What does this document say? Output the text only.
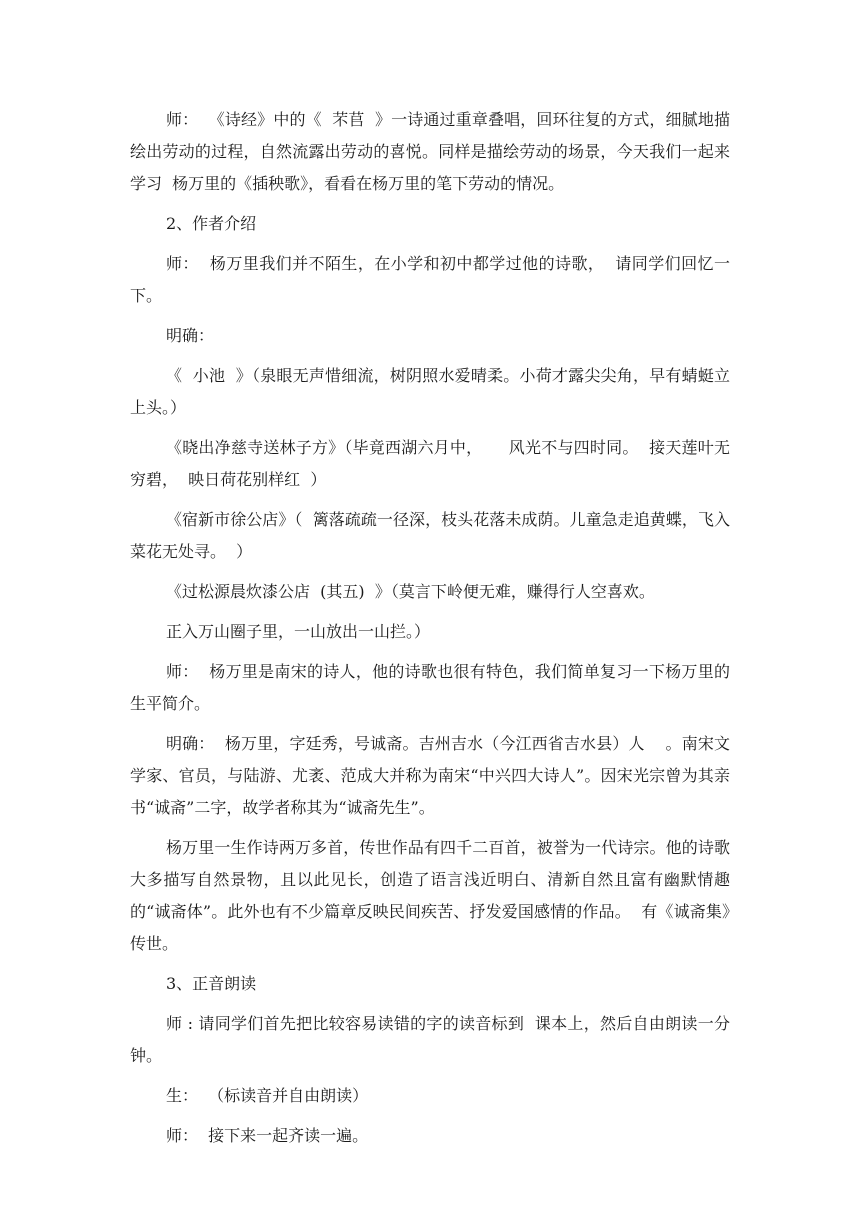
师：  《诗经》中的《  芣苢  》一诗通过重章叠唱，回环往复的方式，细腻地描绘出劳动的过程，自然流露出劳动的喜悦。同样是描绘劳动的场景，今天我们一起来学习  杨万里的《插秧歌》，看看在杨万里的笔下劳动的情况。

2、作者介绍

师：  杨万里我们并不陌生，在小学和初中都学过他的诗歌，  请同学们回忆一下。

明确：

《  小池  》（泉眼无声惜细流，树阴照水爱晴柔。小荷才露尖尖角，早有蜻蜓立上头。）

《晓出净慈寺送林子方》（毕竟西湖六月中，     风光不与四时同。  接天莲叶无穷碧，  映日荷花别样红  ）

《宿新市徐公店》（  篱落疏疏一径深，枝头花落未成荫。儿童急走追黄蝶，飞入菜花无处寻。  ）

《过松源晨炊漆公店  (其五)  》（莫言下岭便无难，赚得行人空喜欢。

正入万山圈子里，一山放出一山拦。）

师：  杨万里是南宋的诗人，他的诗歌也很有特色，我们简单复习一下杨万里的生平简介。

明确：  杨万里，字廷秀，号诚斋。吉州吉水（今江西省吉水县）人    。南宋文学家、官员，与陆游、尤袤、范成大并称为南宋“中兴四大诗人”。因宋光宗曾为其亲书“诚斋”二字，故学者称其为“诚斋先生”。

杨万里一生作诗两万多首，传世作品有四千二百首，被誉为一代诗宗。他的诗歌大多描写自然景物，且以此见长，创造了语言浅近明白、清新自然且富有幽默情趣的“诚斋体”。此外也有不少篇章反映民间疾苦、抒发爱国感情的作品。  有《诚斋集》传世。

3、正音朗读

师 : 请同学们首先把比较容易读错的字的读音标到  课本上，然后自由朗读一分钟。

生：  （标读音并自由朗读）

师：  接下来一起齐读一遍。
